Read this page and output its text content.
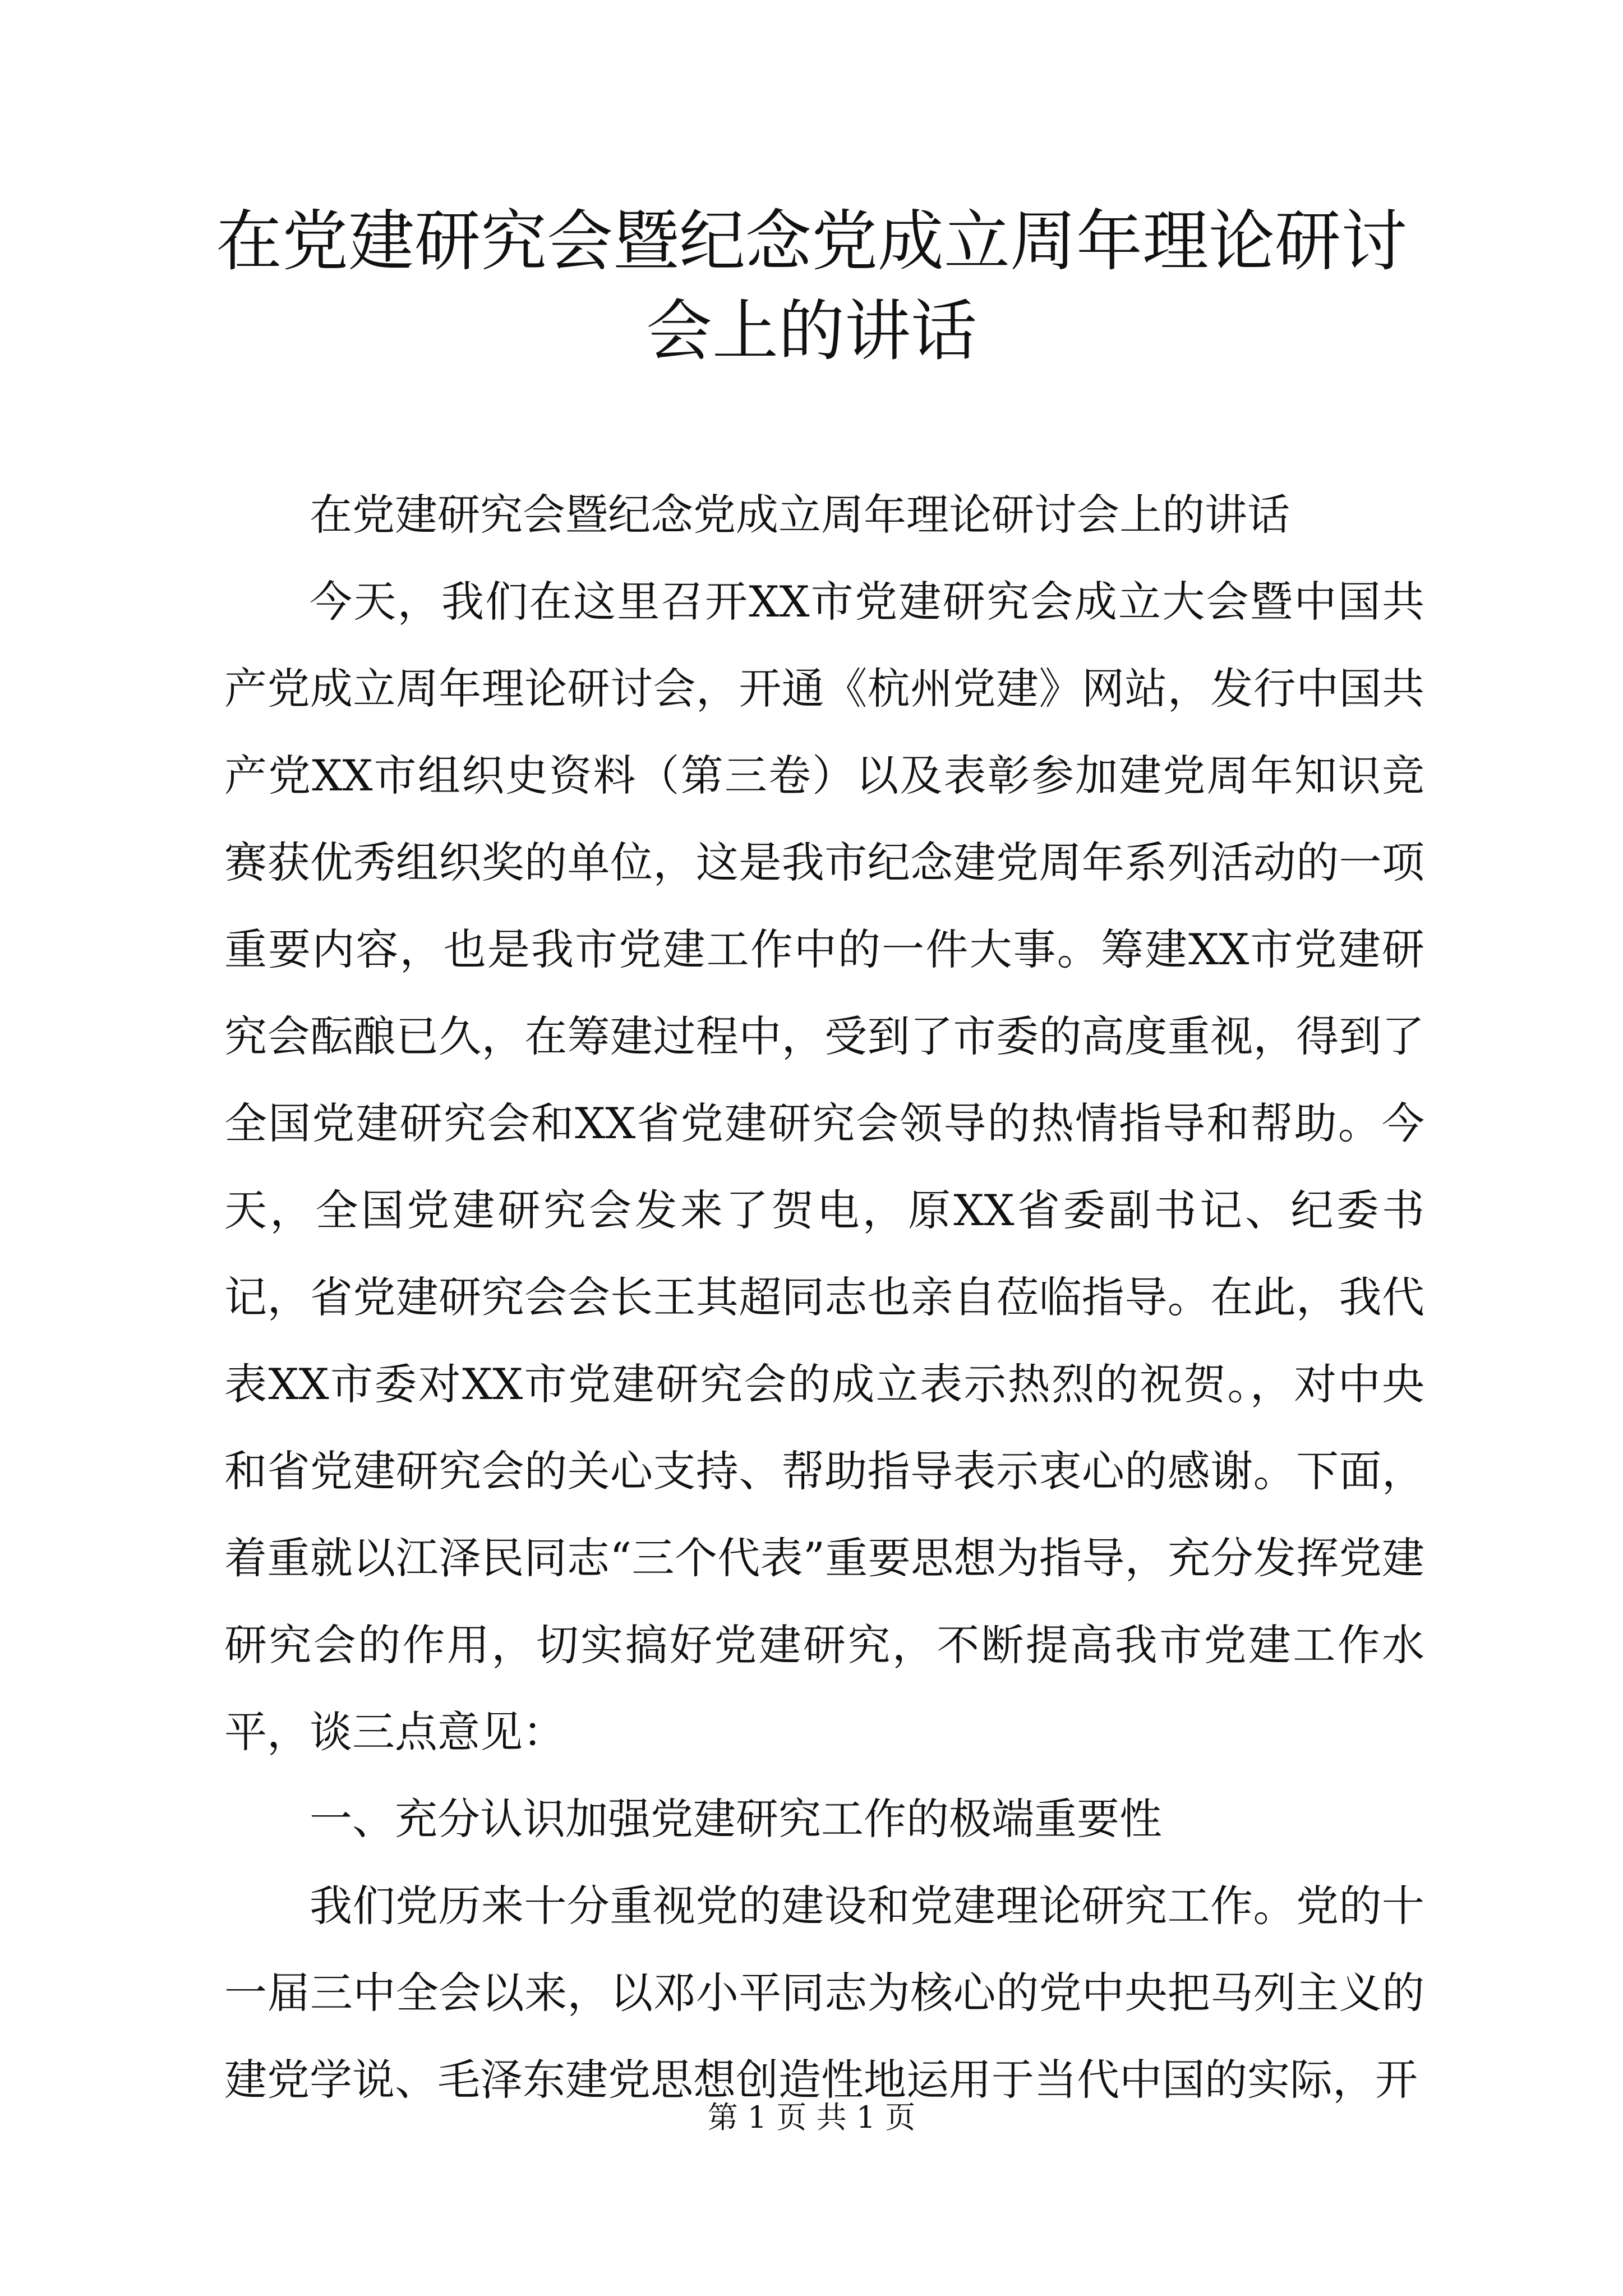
在党建研究会暨纪念党成立周年理论研讨会上的讲话

在党建研究会暨纪念党成立周年理论研讨会上的讲话

今天，我们在这里召开XX市党建研究会成立大会暨中国共产党成立周年理论研讨会，开通《杭州党建》网站，发行中国共产党XX市组织史资料（第三卷）以及表彰参加建党周年知识竞赛获优秀组织奖的单位，这是我市纪念建党周年系列活动的一项重要内容，也是我市党建工作中的一件大事。筹建XX市党建研究会酝酿已久，在筹建过程中，受到了市委的高度重视，得到了全国党建研究会和XX省党建研究会领导的热情指导和帮助。今天，全国党建研究会发来了贺电，原XX省委副书记、纪委书记，省党建研究会会长王其超同志也亲自莅临指导。在此，我代表XX市委对XX市党建研究会的成立表示热烈的祝贺。，对中央和省党建研究会的关心支持、帮助指导表示衷心的感谢。下面，着重就以江泽民同志“三个代表”重要思想为指导，充分发挥党建研究会的作用，切实搞好党建研究，不断提高我市党建工作水平，谈三点意见：

一、充分认识加强党建研究工作的极端重要性

我们党历来十分重视党的建设和党建理论研究工作。党的十一届三中全会以来，以邓小平同志为核心的党中央把马列主义的建党学说、毛泽东建党思想创造性地运用于当代中国的实际，开

第 1 页 共 1 页
